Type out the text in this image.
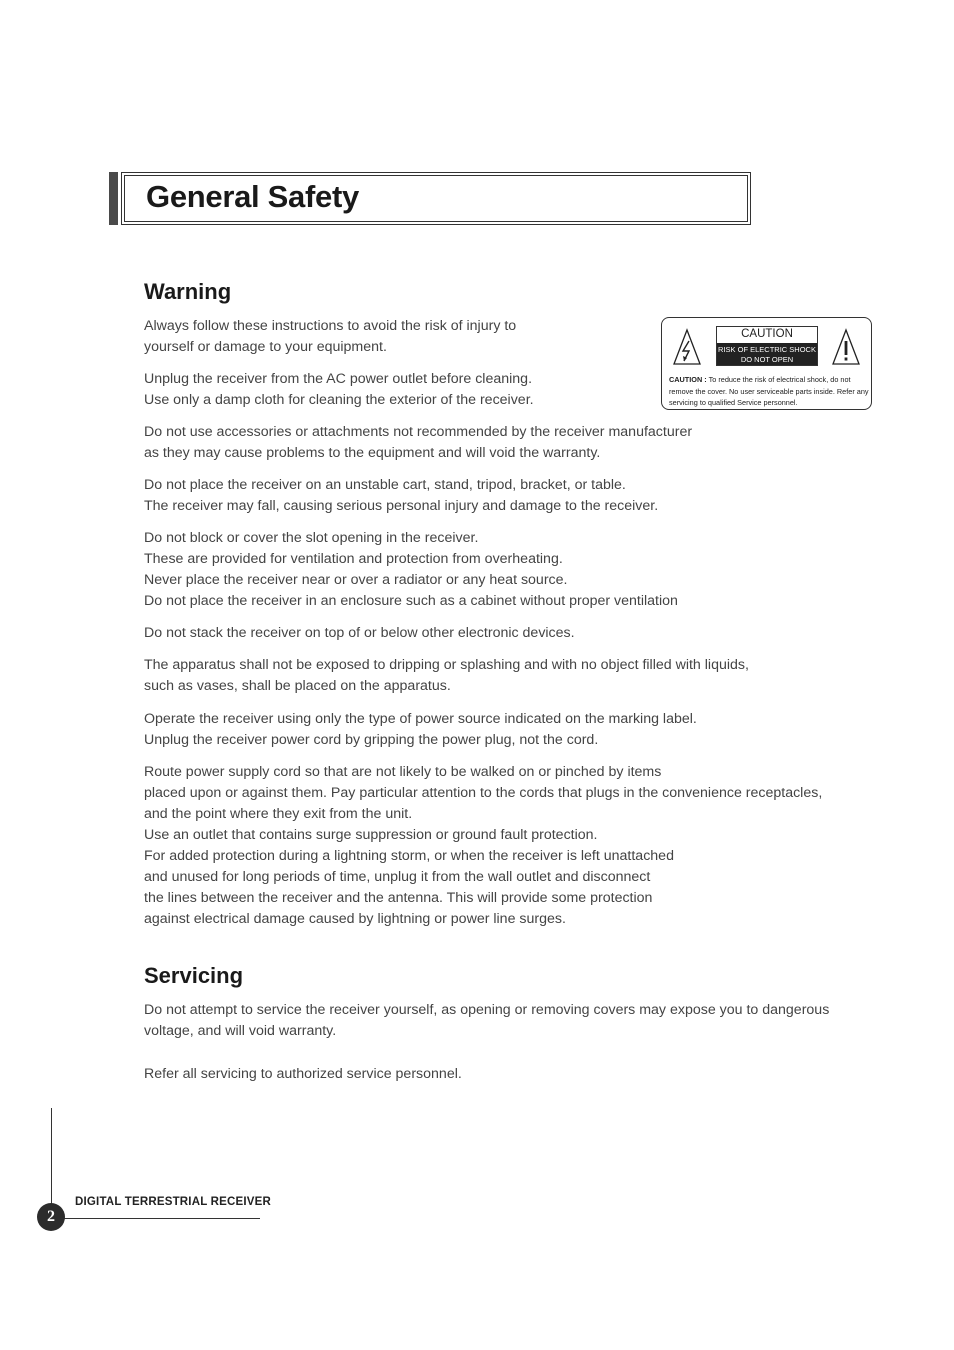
General Safety
Warning

Always follow these instructions to avoid the risk of injury to
yourself or damage to your equipment.

Unplug the receiver from the AC power outlet before cleaning.
Use only a damp cloth for cleaning the exterior of the receiver.

Do not use accessories or attachments not recommended by the receiver manufacturer
as they may cause problems to the equipment and will void the warranty.

Do not place the receiver on an unstable cart, stand, tripod, bracket, or table.
The receiver may fall, causing serious personal injury and damage to the receiver.

Do not block or cover the slot opening in the receiver.
These are provided for ventilation and protection from overheating.
Never place the receiver near or over a radiator or any heat source.
Do not place the receiver in an enclosure such as a cabinet without proper ventilation

Do not stack the receiver on top of or below other electronic devices.

The apparatus shall not be exposed to dripping or splashing and with no object filled with liquids,
such as vases, shall be placed on the apparatus.

Operate the receiver using only the type of power source indicated on the marking label.
Unplug the receiver power cord by gripping the power plug, not the cord.

Route power supply cord so that are not likely to be walked on or pinched by items
placed upon or against them. Pay particular attention to the cords that plugs in the convenience receptacles,
and the point where they exit from the unit.
Use an outlet that contains surge suppression or ground fault protection.
For added protection during a lightning storm, or when the receiver is left unattached
and unused for long periods of time, unplug it from the wall outlet and disconnect
the lines between the receiver and the antenna. This will provide some protection
against electrical damage caused by lightning or power line surges.

CAUTION
RISK OF ELECTRIC SHOCK
DO NOT OPEN
CAUTION : To reduce the risk of electrical shock, do not remove the cover. No user serviceable parts inside. Refer any servicing to qualified Service personnel.
Servicing

Do not attempt to service the receiver yourself, as opening or removing covers may expose you to dangerous
voltage, and will void warranty.

Refer all servicing to authorized service personnel.

2

DIGITAL TERRESTRIAL RECEIVER
